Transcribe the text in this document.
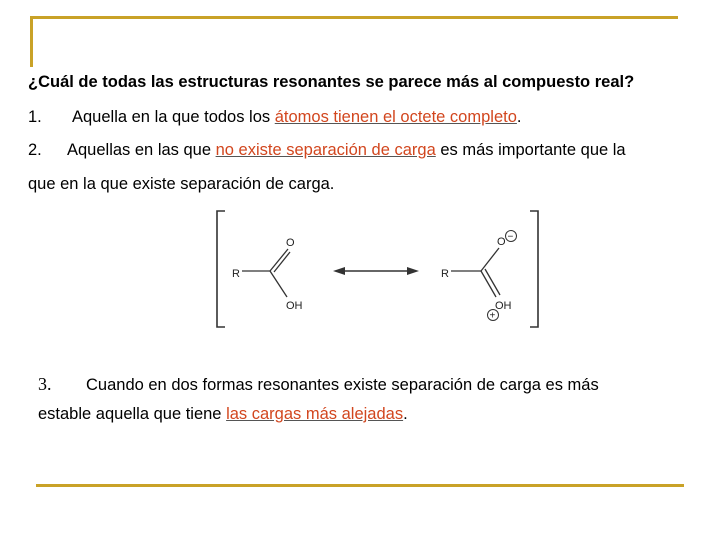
¿Cuál de todas las estructuras resonantes se parece más al compuesto real?
1. Aquella en la que todos los átomos tienen el octete completo.
2. Aquellas en las que no existe separación de carga es más importante que la
que en la que existe separación de carga.
R
O
OH
R
O −
OH
+
3. Cuando en dos formas resonantes existe separación de carga es más
estable aquella que tiene las cargas más alejadas.
